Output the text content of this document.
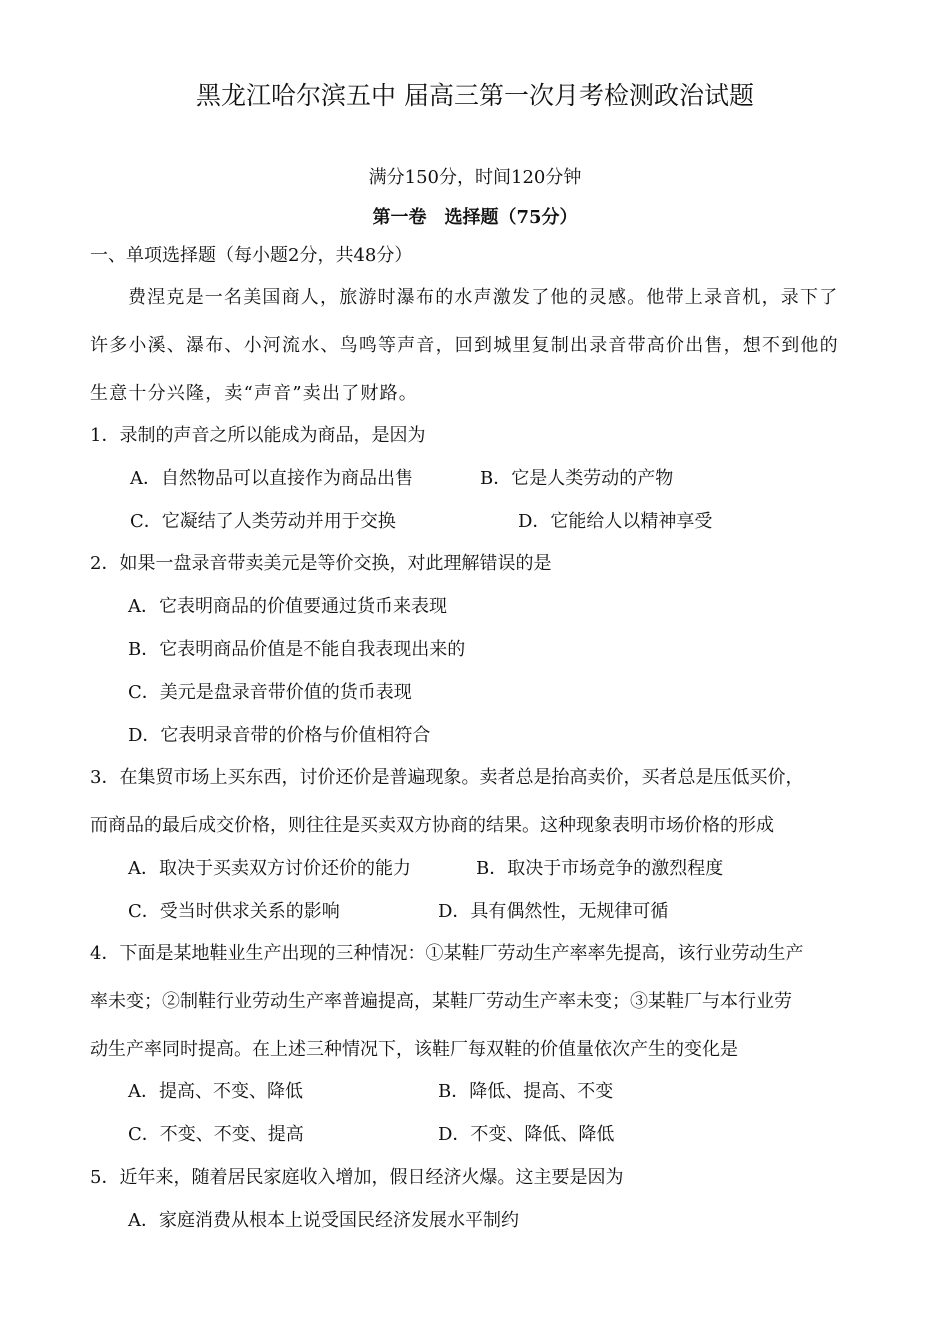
黑龙江哈尔滨五中 届高三第一次月考检测政治试题
满分150分，时间120分钟
第一卷　选择题（75分）
一、单项选择题（每小题2分，共48分）
费涅克是一名美国商人，旅游时瀑布的水声激发了他的灵感。他带上录音机，录下了
许多小溪、瀑布、小河流水、鸟鸣等声音，回到城里复制出录音带高价出售，想不到他的
生意十分兴隆，卖“声音”卖出了财路。
1．录制的声音之所以能成为商品，是因为
A．自然物品可以直接作为商品出售	B．它是人类劳动的产物
C．它凝结了人类劳动并用于交换	D．它能给人以精神享受
2．如果一盘录音带卖美元是等价交换，对此理解错误的是
A．它表明商品的价值要通过货币来表现
B．它表明商品价值是不能自我表现出来的
C．美元是盘录音带价值的货币表现
D．它表明录音带的价格与价值相符合
3．在集贸市场上买东西，讨价还价是普遍现象。卖者总是抬高卖价，买者总是压低买价，
而商品的最后成交价格，则往往是买卖双方协商的结果。这种现象表明市场价格的形成
A．取决于买卖双方讨价还价的能力	B．取决于市场竞争的激烈程度
C．受当时供求关系的影响	D．具有偶然性，无规律可循
4．下面是某地鞋业生产出现的三种情况：①某鞋厂劳动生产率率先提高，该行业劳动生产
率未变；②制鞋行业劳动生产率普遍提高，某鞋厂劳动生产率未变；③某鞋厂与本行业劳
动生产率同时提高。在上述三种情况下，该鞋厂每双鞋的价值量依次产生的变化是
A．提高、不变、降低	B．降低、提高、不变
C．不变、不变、提高	D．不变、降低、降低
5．近年来，随着居民家庭收入增加，假日经济火爆。这主要是因为
A．家庭消费从根本上说受国民经济发展水平制约
